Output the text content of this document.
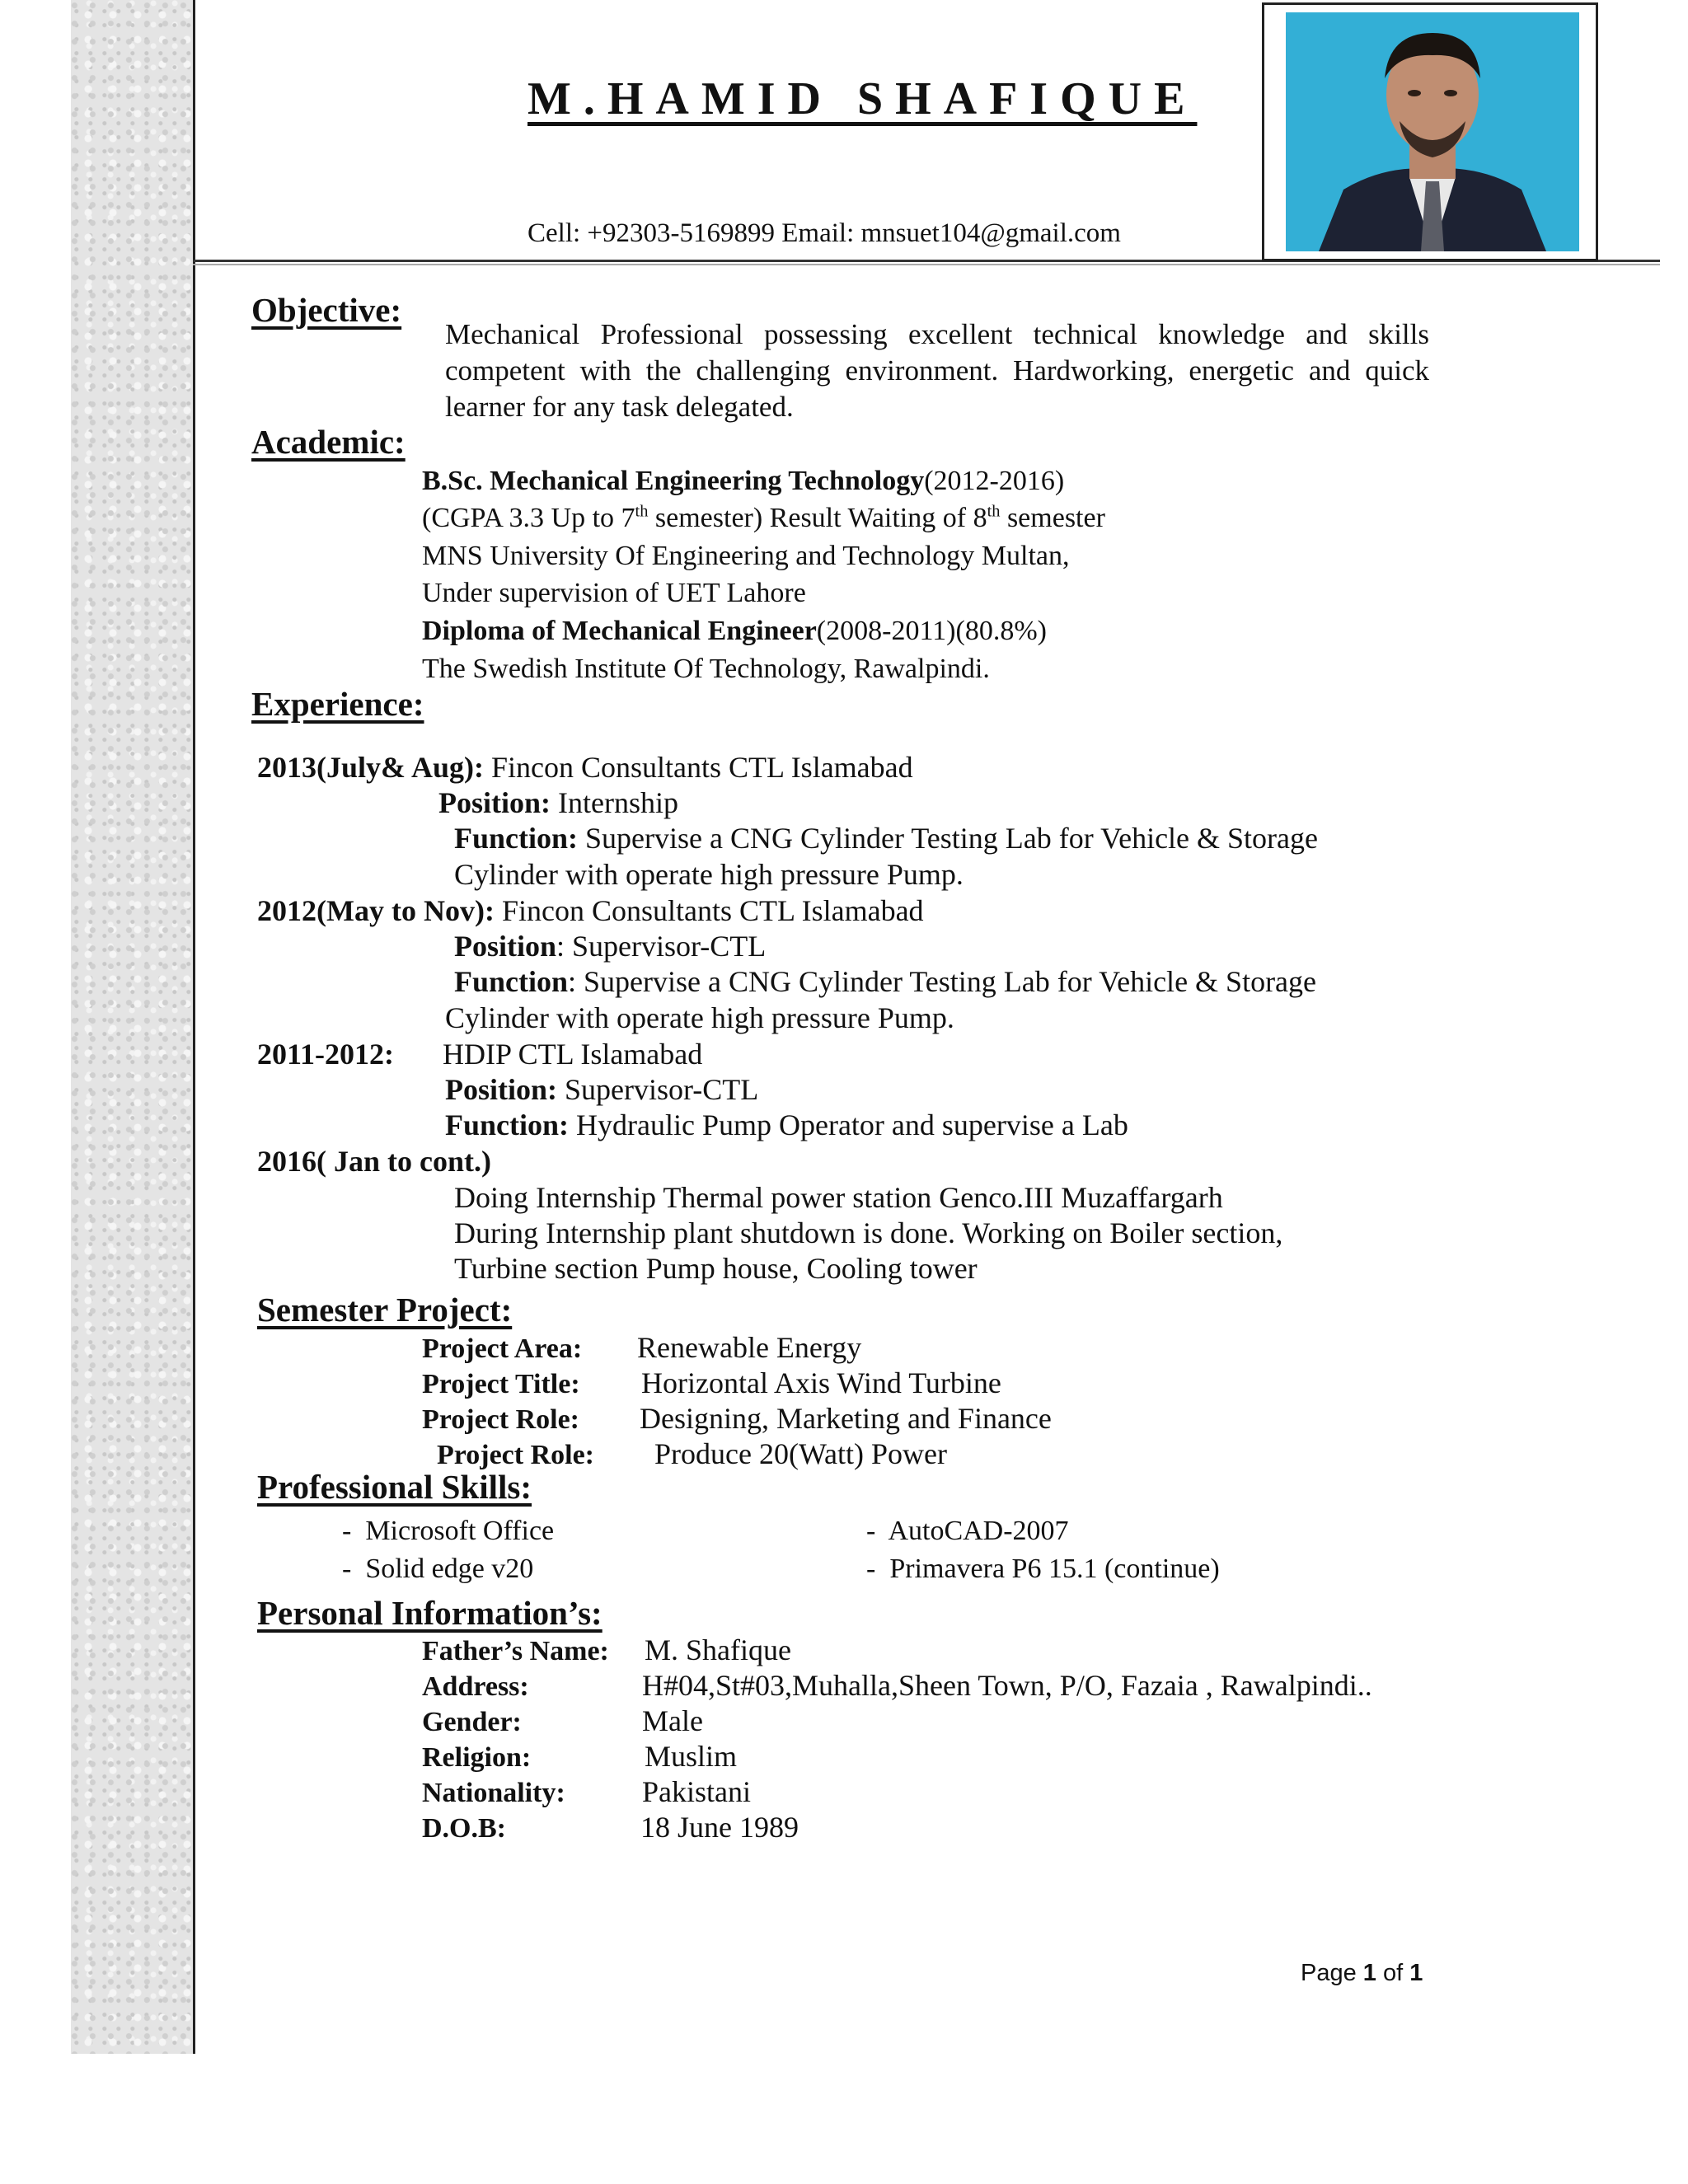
M.HAMID SHAFIQUE
Cell: +92303-5169899 Email: mnsuet104@gmail.com
Objective:
Mechanical Professional possessing excellent technical knowledge and skills competent with the challenging environment. Hardworking, energetic and quick learner for any task delegated.
Academic:
B.Sc. Mechanical Engineering Technology(2012-2016)
(CGPA 3.3 Up to 7th semester) Result Waiting of 8th semester
MNS University Of Engineering and Technology Multan,
Under supervision of UET Lahore
Diploma of Mechanical Engineer(2008-2011)(80.8%)
The Swedish Institute Of Technology, Rawalpindi.
Experience:
2013(July& Aug): Fincon Consultants CTL Islamabad
Position: Internship
Function: Supervise a CNG Cylinder Testing Lab for Vehicle & Storage
Cylinder with operate high pressure Pump.
2012(May to Nov): Fincon Consultants CTL Islamabad
Position: Supervisor-CTL
Function: Supervise a CNG Cylinder Testing Lab for Vehicle & Storage
Cylinder with operate high pressure Pump.
2011-2012: HDIP CTL Islamabad
Position: Supervisor-CTL
Function: Hydraulic Pump Operator and supervise a Lab
2016( Jan to cont.)
Doing Internship Thermal power station Genco.III Muzaffargarh
During Internship plant shutdown is done. Working on Boiler section,
Turbine section Pump house, Cooling tower
Semester Project:
Project Area: Renewable Energy
Project Title: Horizontal Axis Wind Turbine
Project Role: Designing, Marketing and Finance
Project Role: Produce 20(Watt) Power
Professional Skills:
-  Microsoft Office
-  Solid edge v20
-  AutoCAD-2007
-  Primavera P6 15.1 (continue)
Personal Information’s:
Father’s Name: M. Shafique
Address:	H#04,St#03,Muhalla,Sheen Town, P/O, Fazaia , Rawalpindi..
Gender:	Male
Religion:	Muslim
Nationality:	Pakistani
D.O.B:	18 June 1989
Page 1 of 1
